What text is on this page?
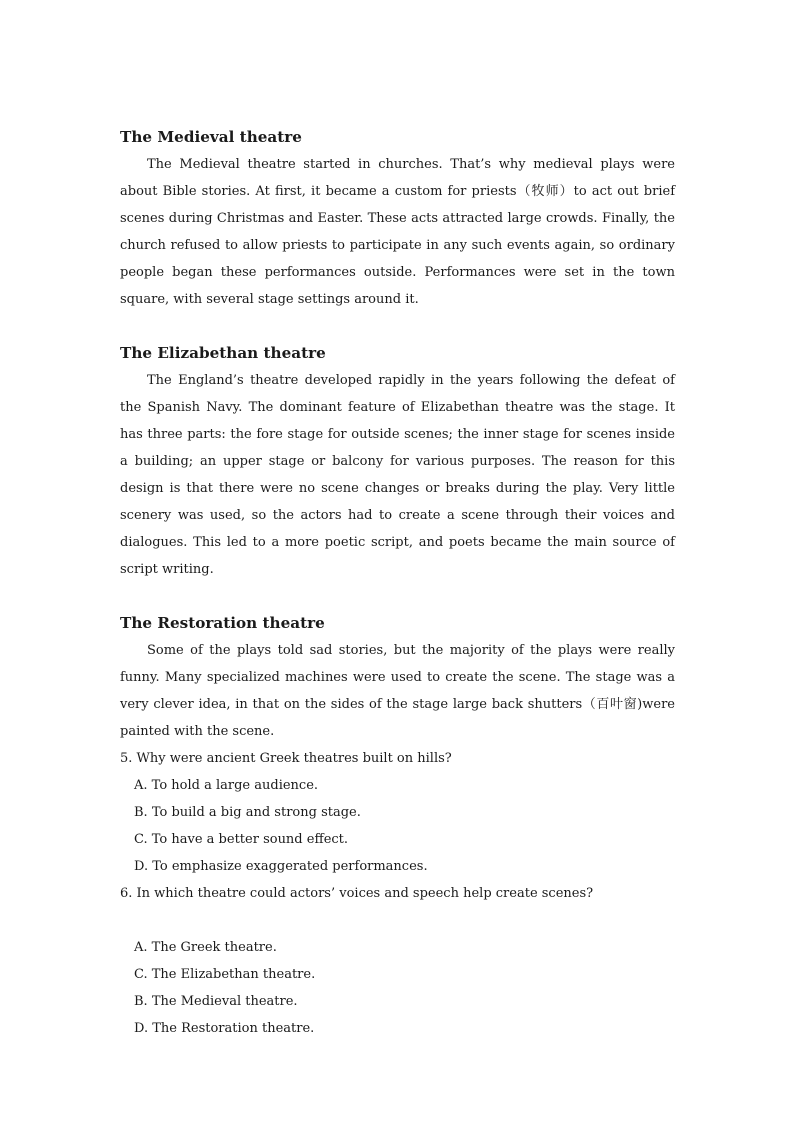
The Medieval theatre

The Medieval theatre started in churches. That’s why medieval plays were about Bible stories. At first, it became a custom for priests（牧师）to act out brief scenes during Christmas and Easter. These acts attracted large crowds. Finally, the church refused to allow priests to participate in any such events again, so ordinary people began these performances outside. Performances were set in the town square, with several stage settings around it.

The Elizabethan theatre

The England’s theatre developed rapidly in the years following the defeat of the Spanish Navy. The dominant feature of Elizabethan theatre was the stage. It has three parts: the fore stage for outside scenes; the inner stage for scenes inside a building; an upper stage or balcony for various purposes. The reason for this design is that there were no scene changes or breaks during the play. Very little scenery was used, so the actors had to create a scene through their voices and dialogues. This led to a more poetic script, and poets became the main source of script writing.

The Restoration theatre

Some of the plays told sad stories, but the majority of the plays were really funny. Many specialized machines were used to create the scene. The stage was a very clever idea, in that on the sides of the stage large back shutters（百叶窗)were painted with the scene.

5. Why were ancient Greek theatres built on hills?

A. To hold a large audience.
B. To build a big and strong stage.
C. To have a better sound effect.
D. To emphasize exaggerated performances.

6. In which theatre could actors’ voices and speech help create scenes?

A. The Greek theatre.
C. The Elizabethan theatre.
B. The Medieval theatre.
D. The Restoration theatre.
